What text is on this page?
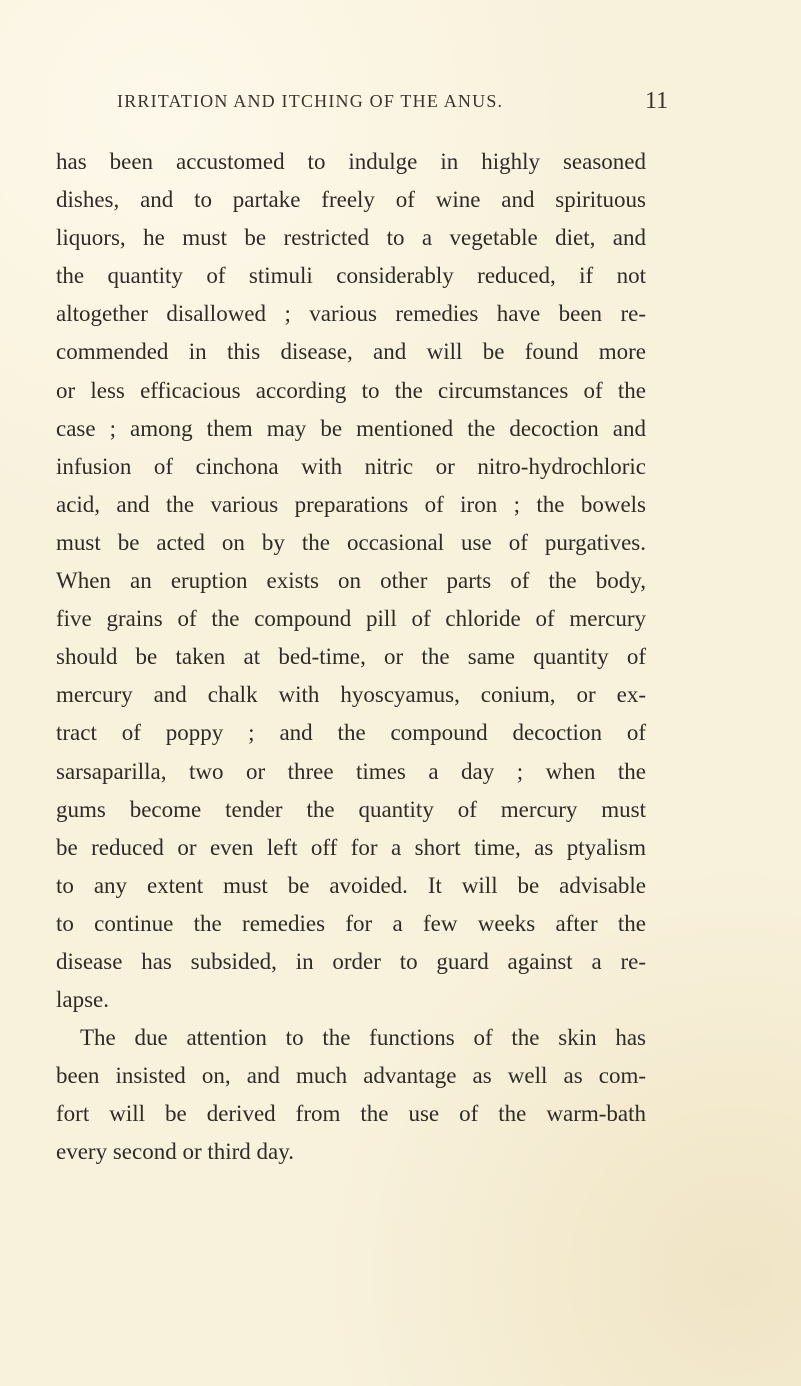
IRRITATION AND ITCHING OF THE ANUS.	11
has been accustomed to indulge in highly seasoned
dishes, and to partake freely of wine and spirituous
liquors, he must be restricted to a vegetable diet, and
the quantity of stimuli considerably reduced, if not
altogether disallowed ; various remedies have been re-
commended in this disease, and will be found more
or less efficacious according to the circumstances of the
case ; among them may be mentioned the decoction and
infusion of cinchona with nitric or nitro-hydrochloric
acid, and the various preparations of iron ; the bowels
must be acted on by the occasional use of purgatives.
When an eruption exists on other parts of the body,
five grains of the compound pill of chloride of mercury
should be taken at bed-time, or the same quantity of
mercury and chalk with hyoscyamus, conium, or ex-
tract of poppy ; and the compound decoction of
sarsaparilla, two or three times a day ; when the
gums become tender the quantity of mercury must
be reduced or even left off for a short time, as ptyalism
to any extent must be avoided. It will be advisable
to continue the remedies for a few weeks after the
disease has subsided, in order to guard against a re-
lapse.
The due attention to the functions of the skin has
been insisted on, and much advantage as well as com-
fort will be derived from the use of the warm-bath
every second or third day.
